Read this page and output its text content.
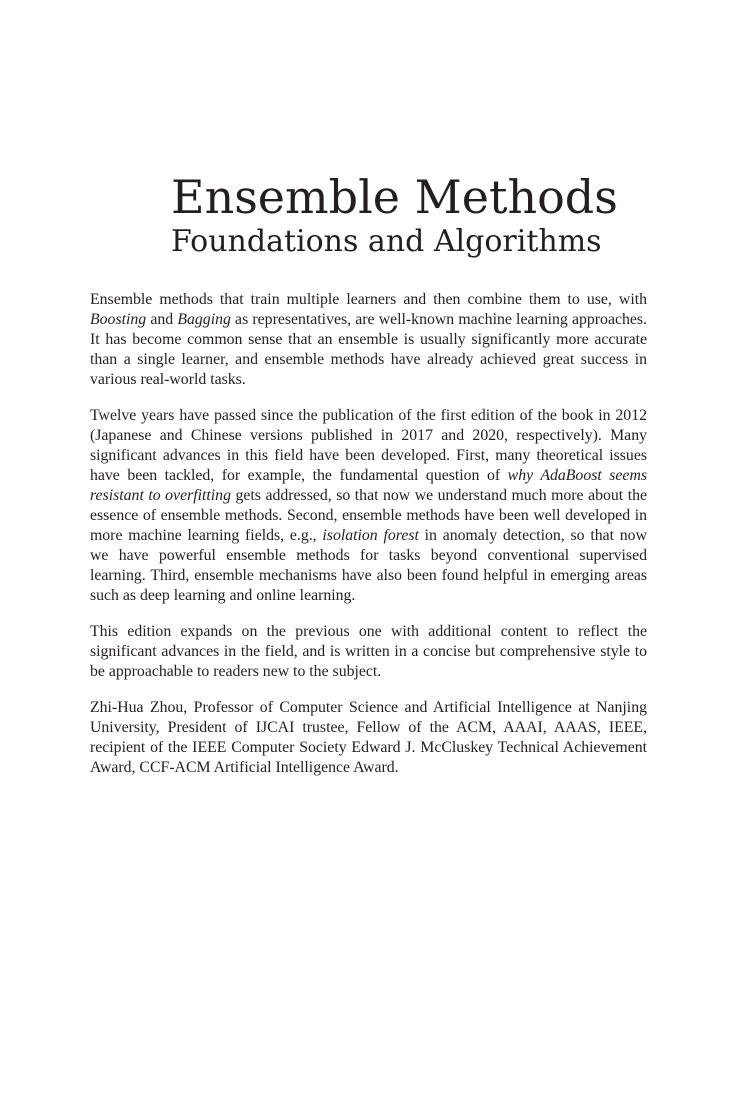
Ensemble Methods
Foundations and Algorithms

Ensemble methods that train multiple learners and then combine them to use, with Boosting and Bagging as representatives, are well-known machine learning approaches. It has become common sense that an ensemble is usually significantly more accurate than a single learner, and ensemble methods have already achieved great success in various real-world tasks.

Twelve years have passed since the publication of the first edition of the book in 2012 (Japanese and Chinese versions published in 2017 and 2020, respectively). Many significant advances in this field have been developed. First, many theoretical issues have been tackled, for example, the fundamental question of why AdaBoost seems resistant to overfitting gets addressed, so that now we understand much more about the essence of ensemble methods. Second, ensemble methods have been well developed in more machine learning fields, e.g., isolation forest in anomaly detection, so that now we have powerful ensemble methods for tasks beyond conventional supervised learning. Third, ensemble mechanisms have also been found helpful in emerging areas such as deep learning and online learning.

This edition expands on the previous one with additional content to reflect the significant advances in the field, and is written in a concise but comprehensive style to be approachable to readers new to the subject.

Zhi-Hua Zhou, Professor of Computer Science and Artificial Intelligence at Nanjing University, President of IJCAI trustee, Fellow of the ACM, AAAI, AAAS, IEEE, recipient of the IEEE Computer Society Edward J. McCluskey Technical Achievement Award, CCF-ACM Artificial Intelligence Award.
